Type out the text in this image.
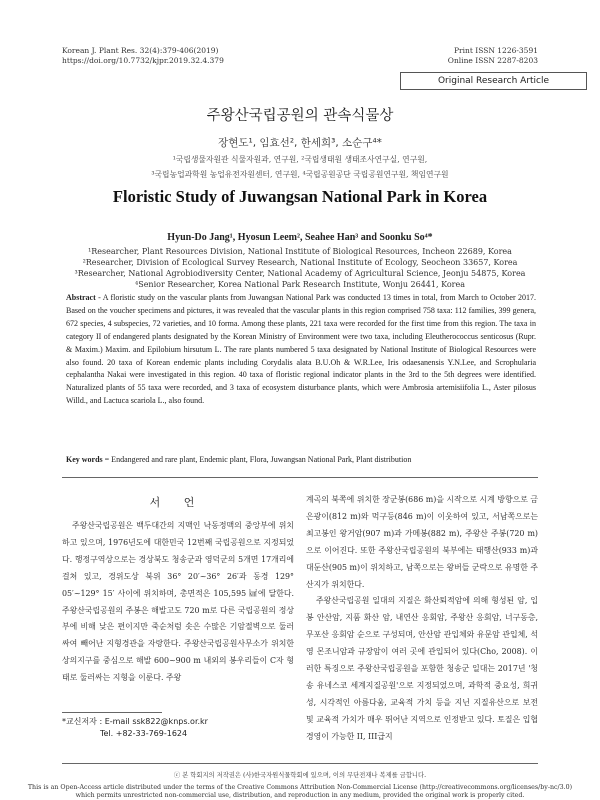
Korean J. Plant Res. 32(4):379-406(2019)
https://doi.org/10.7732/kjpr.2019.32.4.379
Print ISSN 1226-3591
Online ISSN 2287-8203
Original Research Article
주왕산국립공원의 관속식물상
장현도¹, 임효선², 한세희³, 소순구⁴*
¹국립생물자원관 식물자원과, 연구원, ²국립생태원 생태조사연구실, 연구원,
³국립농업과학원 농업유전자원센터, 연구원, ⁴국립공원공단 국립공원연구원, 책임연구원
Floristic Study of Juwangsan National Park in Korea
Hyun-Do Jang¹, Hyosun Leem², Seahee Han³ and Soonku So⁴*
¹Researcher, Plant Resources Division, National Institute of Biological Resources, Incheon 22689, Korea
²Researcher, Division of Ecological Survey Research, National Institute of Ecology, Seocheon 33657, Korea
³Researcher, National Agrobiodiversity Center, National Academy of Agricultural Science, Jeonju 54875, Korea
⁴Senior Researcher, Korea National Park Research Institute, Wonju 26441, Korea
Abstract - A floristic study on the vascular plants from Juwangsan National Park was conducted 13 times in total, from March to October 2017. Based on the voucher specimens and pictures, it was revealed that the vascular plants in this region comprised 758 taxa: 112 families, 399 genera, 672 species, 4 subspecies, 72 varieties, and 10 forma. Among these plants, 221 taxa were recorded for the first time from this region. The taxa in category II of endangered plants designated by the Korean Ministry of Environment were two taxa, including Eleutherococcus senticosus (Rupr. & Maxim.) Maxim. and Epilobium hirsutum L. The rare plants numbered 5 taxa designated by National Institute of Biological Resources were also found. 20 taxa of Korean endemic plants including Corydalis alata B.U.Oh & W.R.Lee, Iris odaesanensis Y.N.Lee, and Scrophularia cephalantha Nakai were investigated in this region. 40 taxa of floristic regional indicator plants in the 3rd to the 5th degrees were identified. Naturalized plants of 55 taxa were recorded, and 3 taxa of ecosystem disturbance plants, which were Ambrosia artemisiifolia L., Aster pilosus Willd., and Lactuca scariola L., also found.
Key words = Endangered and rare plant, Endemic plant, Flora, Juwangsan National Park, Plant distribution
서 언

주왕산국립공원은 백두대간의 지맥인 낙동정맥의 중앙부에 위치하고 있으며, 1976년도에 대한민국 12번째 국립공원으로 지정되었다. 행정구역상으로는 경상북도 청송군과 영덕군의 5개면 17개리에 걸쳐 있고, 경위도상 북위 36° 20′~36° 26′과 동경 129° 05′~129° 15′ 사이에 위치하며, 총면적은 105,595 ㎢에 달한다. 주왕산국립공원의 주봉은 해발고도 720 m로 다른 국립공원의 정상부에 비해 낮은 편이지만 죽순처럼 솟은 수많은 기암절벽으로 둘러싸여 빼어난 지형경관을 자랑한다. 주왕산국립공원사무소가 위치한 상의지구를 중심으로 해발 600~900 m 내외의 봉우리들이 C자 형태로 둘러싸는 지형을 이룬다. 주왕

계곡의 북쪽에 위치한 장군봉(686 m)을 시작으로 시계 방향으로 금은광이(812 m)와 먹구등(846 m)이 이웃하여 있고, 서남쪽으로는 최고봉인 왕거암(907 m)과 가메봉(882 m), 주왕산 주봉(720 m)으로 이어진다. 또한 주왕산국립공원의 북부에는 태행산(933 m)과 대둔산(905 m)이 위치하고, 남쪽으로는 왕버들 군락으로 유명한 주산지가 위치한다.

주왕산국립공원 일대의 지질은 화산퇴적암에 의해 형성된 암, 입봉 안산암, 지품 화산 암, 내연산 응회암, 주왕산 응회암, 너구동층, 무포산 응회암 순으로 구성되며, 안산암 관입체와 유문암 관입체, 석영 몬조니암과 규장암이 여러 곳에 관입되어 있다(Cho, 2008). 이러한 특징으로 주왕산국립공원을 포함한 청송군 일대는 2017년 '청송 유네스코 세계지질공원'으로 지정되었으며, 과학적 중요성, 희귀성, 시각적인 아름다움, 교육적 가치 등을 지닌 지질유산으로 보전 및 교육적 가치가 매우 뛰어난 지역으로 인정받고 있다. 토질은 입협경영이 가능한 II, III급지

*교신저자 : E-mail ssk822@knps.or.kr
Tel. +82-33-769-1624
ⓒ 본 학회지의 저작권은 (사)한국자원식물학회에 있으며, 이의 무단전재나 복제를 금합니다.
This is an Open-Access article distributed under the terms of the Creative Commons Attribution Non-Commercial License (http://creativecommons.org/licenses/by-nc/3.0)
which permits unrestricted non-commercial use, distribution, and reproduction in any medium, provided the original work is properly cited.
